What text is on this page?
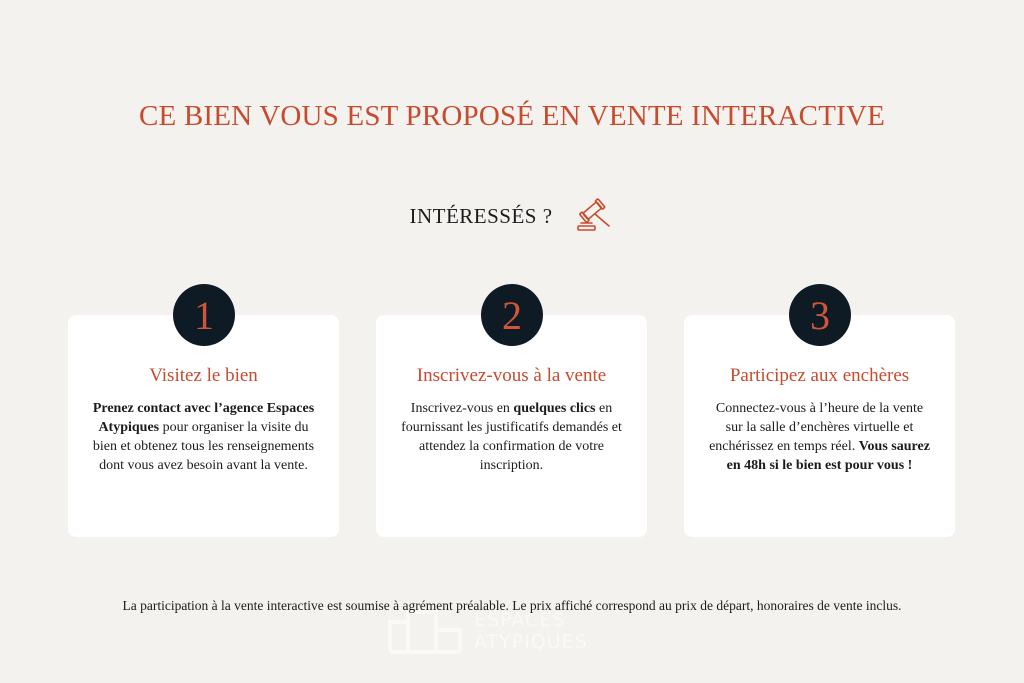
CE BIEN VOUS EST PROPOSÉ EN VENTE INTERACTIVE
INTÉRESSÉS ?
Visitez le bien
Prenez contact avec l’agence Espaces Atypiques pour organiser la visite du bien et obtenez tous les renseignements dont vous avez besoin avant la vente.
1
Inscrivez-vous à la vente
Inscrivez-vous en quelques clics en fournissant les justificatifs demandés et attendez la confirmation de votre inscription.
2
Participez aux enchères
Connectez-vous à l’heure de la vente sur la salle d’enchères virtuelle et enchérissez en temps réel. Vous saurez en 48h si le bien est pour vous !
3
ESPACES
ATYPIQUES
La participation à la vente interactive est soumise à agrément préalable. Le prix affiché correspond au prix de départ, honoraires de vente inclus.
